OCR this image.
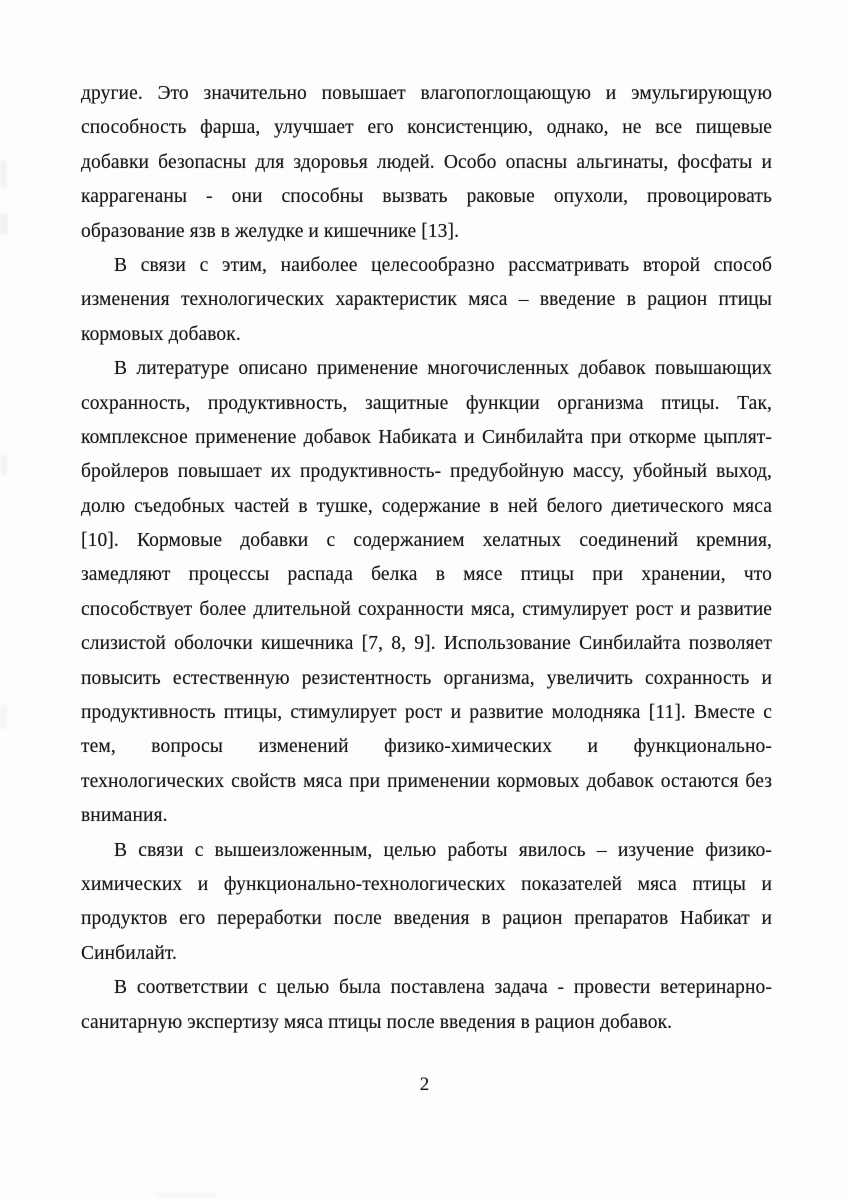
другие. Это значительно повышает влагопоглощающую и эмульгирующую
способность фарша, улучшает его консистенцию, однако, не все пищевые
добавки безопасны для здоровья людей. Особо опасны альгинаты, фосфаты и
каррагенаны - они способны вызвать раковые опухоли, провоцировать
образование язв в желудке и кишечнике [13].
В связи с этим, наиболее целесообразно рассматривать второй способ
изменения технологических характеристик мяса – введение в рацион птицы
кормовых добавок.
В литературе описано применение многочисленных добавок повышающих
сохранность, продуктивность, защитные функции организма птицы. Так,
комплексное применение добавок Набиката и Синбилайта при откорме цыплят-
бройлеров повышает их продуктивность- предубойную массу, убойный выход,
долю съедобных частей в тушке, содержание в ней белого диетического мяса
[10]. Кормовые добавки с содержанием хелатных соединений кремния,
замедляют процессы распада белка в мясе птицы при хранении, что
способствует более длительной сохранности мяса, стимулирует рост и развитие
слизистой оболочки кишечника [7, 8, 9]. Использование Синбилайта позволяет
повысить естественную резистентность организма, увеличить сохранность и
продуктивность птицы, стимулирует рост и развитие молодняка [11]. Вместе с
тем, вопросы изменений физико-химических и функционально-
технологических свойств мяса при применении кормовых добавок остаются без
внимания.
В связи с вышеизложенным, целью работы явилось – изучение физико-
химических и функционально-технологических показателей мяса птицы и
продуктов его переработки после введения в рацион препаратов Набикат и
Синбилайт.
В соответствии с целью была поставлена задача - провести ветеринарно-
санитарную экспертизу мяса птицы после введения в рацион добавок.
2
